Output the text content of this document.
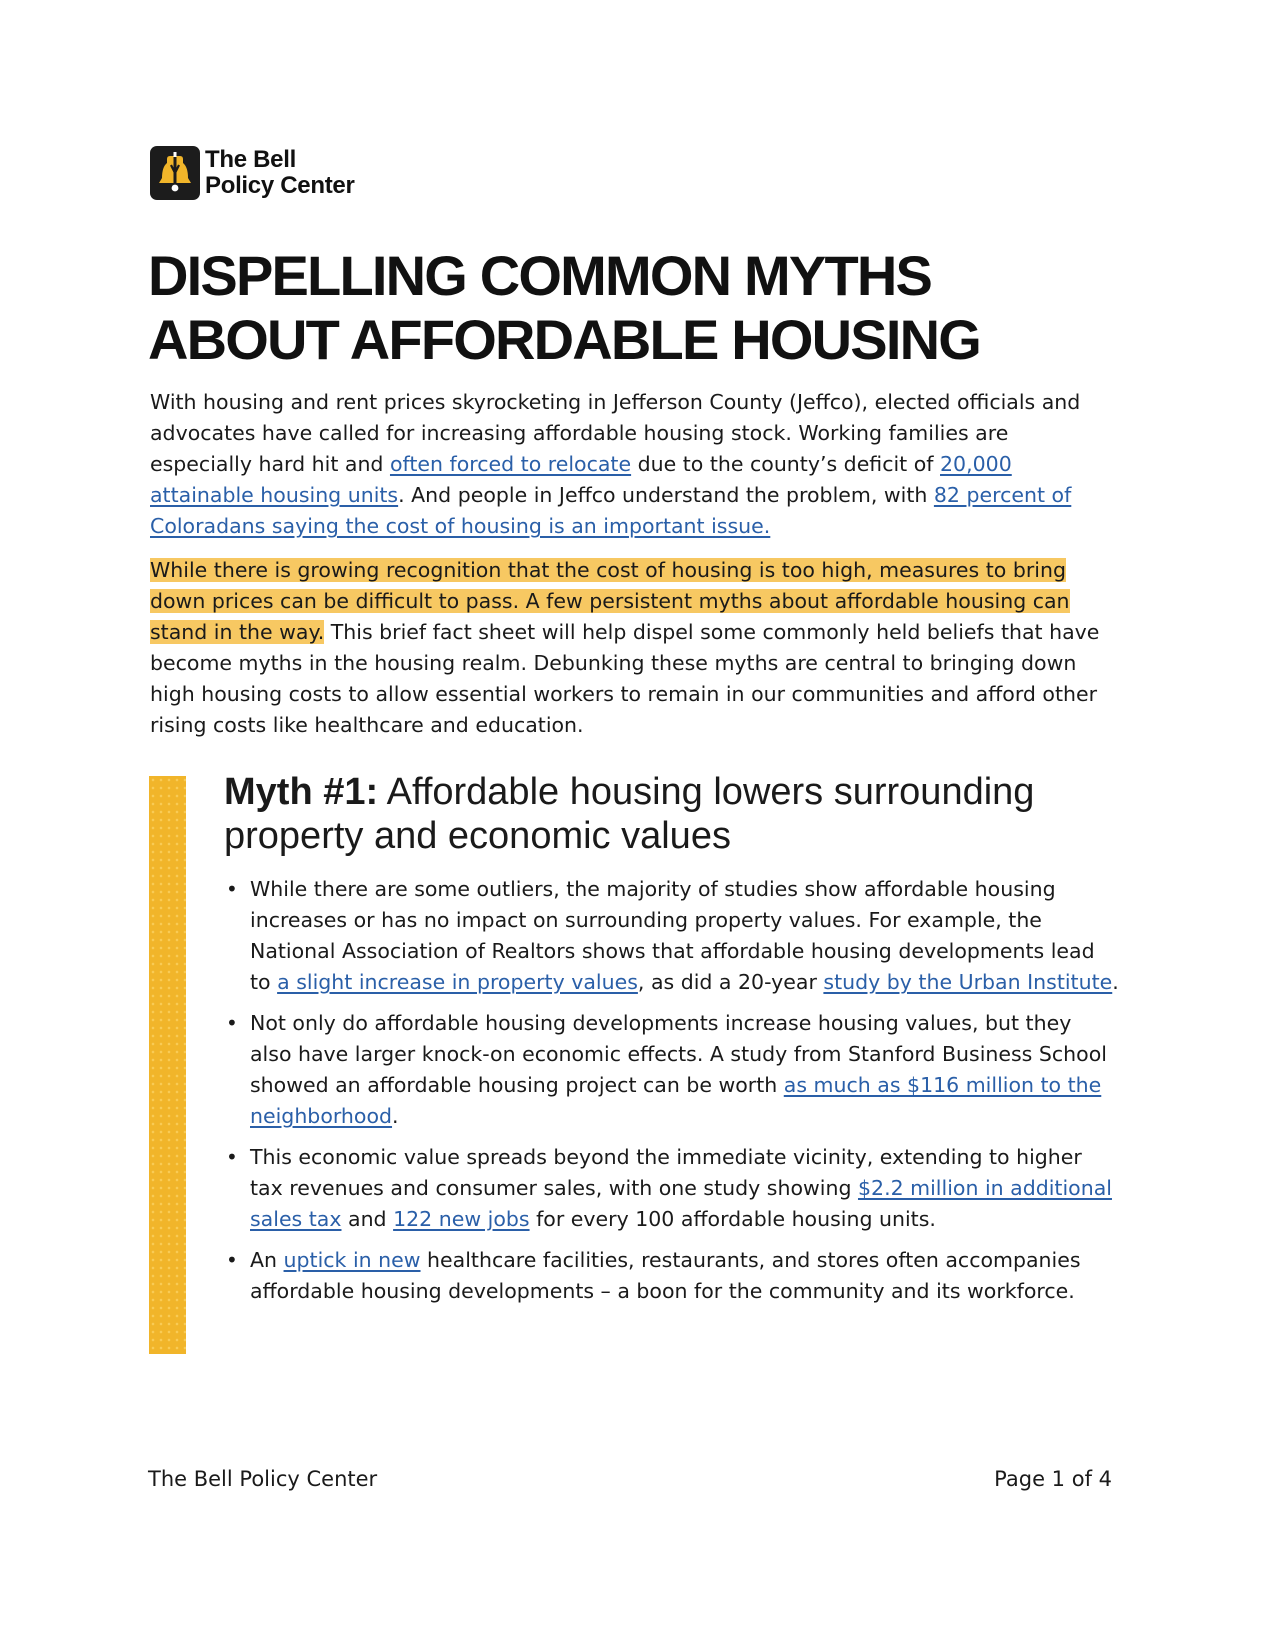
The Bell
Policy Center
DISPELLING COMMON MYTHS
ABOUT AFFORDABLE HOUSING

With housing and rent prices skyrocketing in Jefferson County (Jeffco), elected officials and advocates have called for increasing affordable housing stock. Working families are especially hard hit and often forced to relocate due to the county’s deficit of 20,000 attainable housing units. And people in Jeffco understand the problem, with 82 percent of Coloradans saying the cost of housing is an important issue.

While there is growing recognition that the cost of housing is too high, measures to bring down prices can be difficult to pass. A few persistent myths about affordable housing can stand in the way. This brief fact sheet will help dispel some commonly held beliefs that have become myths in the housing realm. Debunking these myths are central to bringing down high housing costs to allow essential workers to remain in our communities and afford other rising costs like healthcare and education.

Myth #1: Affordable housing lowers surrounding property and economic values
• While there are some outliers, the majority of studies show affordable housing increases or has no impact on surrounding property values. For example, the National Association of Realtors shows that affordable housing developments lead to a slight increase in property values, as did a 20-year study by the Urban Institute.
• Not only do affordable housing developments increase housing values, but they also have larger knock-on economic effects. A study from Stanford Business School showed an affordable housing project can be worth as much as $116 million to the neighborhood.
• This economic value spreads beyond the immediate vicinity, extending to higher tax revenues and consumer sales, with one study showing $2.2 million in additional sales tax and 122 new jobs for every 100 affordable housing units.
• An uptick in new healthcare facilities, restaurants, and stores often accompanies affordable housing developments – a boon for the community and its workforce.
The Bell Policy Center	Page 1 of 4
